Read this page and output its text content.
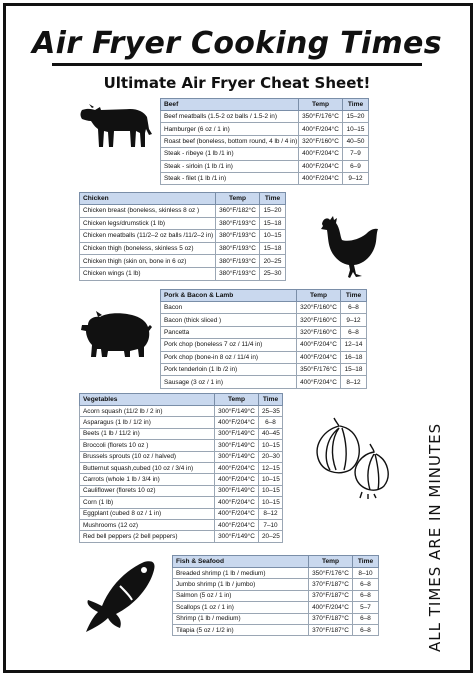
Air Fryer Cooking Times
Ultimate Air Fryer Cheat Sheet!
ALL TIMES ARE IN MINUTES
Beef	Temp	Time
Beef meatballs (1.5-2 oz balls / 1.5-2 in)	350°F/176°C	15–20
Hamburger (6 oz / 1 in)	400°F/204°C	10–15
Roast beef (boneless, bottom round, 4 lb / 4 in)	320°F/160°C	40–50
Steak - ribeye (1 lb /1 in)	400°F/204°C	7–9
Steak - sirloin (1 lb /1 in)	400°F/204°C	6–9
Steak - filet (1 lb /1 in)	400°F/204°C	9–12
Chicken	Temp	Time
Chicken breast (boneless, skinless 8 oz )	360°F/182°C	15–20
Chicken legs/drumstick (1 lb)	380°F/193°C	15–18
Chicken meatballs (11/2–2 oz balls /11/2–2 in)	380°F/193°C	10–15
Chicken thigh (boneless, skinless 5 oz)	380°F/193°C	15–18
Chicken thigh (skin on, bone in 6 oz)	380°F/193°C	20–25
Chicken wings (1 lb)	380°F/193°C	25–30
Pork & Bacon & Lamb	Temp	Time
Bacon	320°F/160°C	6–8
Bacon (thick sliced )	320°F/160°C	9–12
Pancetta	320°F/160°C	6–8
Pork chop (boneless 7 oz / 11/4 in)	400°F/204°C	12–14
Pork chop (bone-in 8 oz / 11/4 in)	400°F/204°C	16–18
Pork tenderloin (1 lb /2 in)	350°F/176°C	15–18
Sausage (3 oz / 1 in)	400°F/204°C	8–12
Vegetables	Temp	Time
Acorn squash (11/2 lb / 2 in)	300°F/149°C	25–35
Asparagus (1 lb / 1/2 in)	400°F/204°C	6–8
Beets (1 lb / 11/2 in)	300°F/149°C	40–45
Broccoli (florets 10 oz )	300°F/149°C	10–15
Brussels sprouts (10 oz / halved)	300°F/149°C	20–30
Butternut squash,cubed (10 oz / 3/4 in)	400°F/204°C	12–15
Carrots (whole 1 lb / 3/4 in)	400°F/204°C	10–15
Cauliflower (florets 10 oz)	300°F/149°C	10–15
Corn (1 lb)	400°F/204°C	10–15
Eggplant (cubed 8 oz / 1 in)	400°F/204°C	8–12
Mushrooms (12 oz)	400°F/204°C	7–10
Red bell peppers (2 bell peppers)	300°F/149°C	20–25
Fish & Seafood	Temp	Time
Breaded shrimp (1 lb / medium)	350°F/176°C	8–10
Jumbo shrimp (1 lb / jumbo)	370°F/187°C	6–8
Salmon (5 oz / 1 in)	370°F/187°C	6–8
Scallops (1 oz / 1 in)	400°F/204°C	5–7
Shrimp (1 lb / medium)	370°F/187°C	6–8
Tilapia (5 oz / 1/2 in)	370°F/187°C	6–8
